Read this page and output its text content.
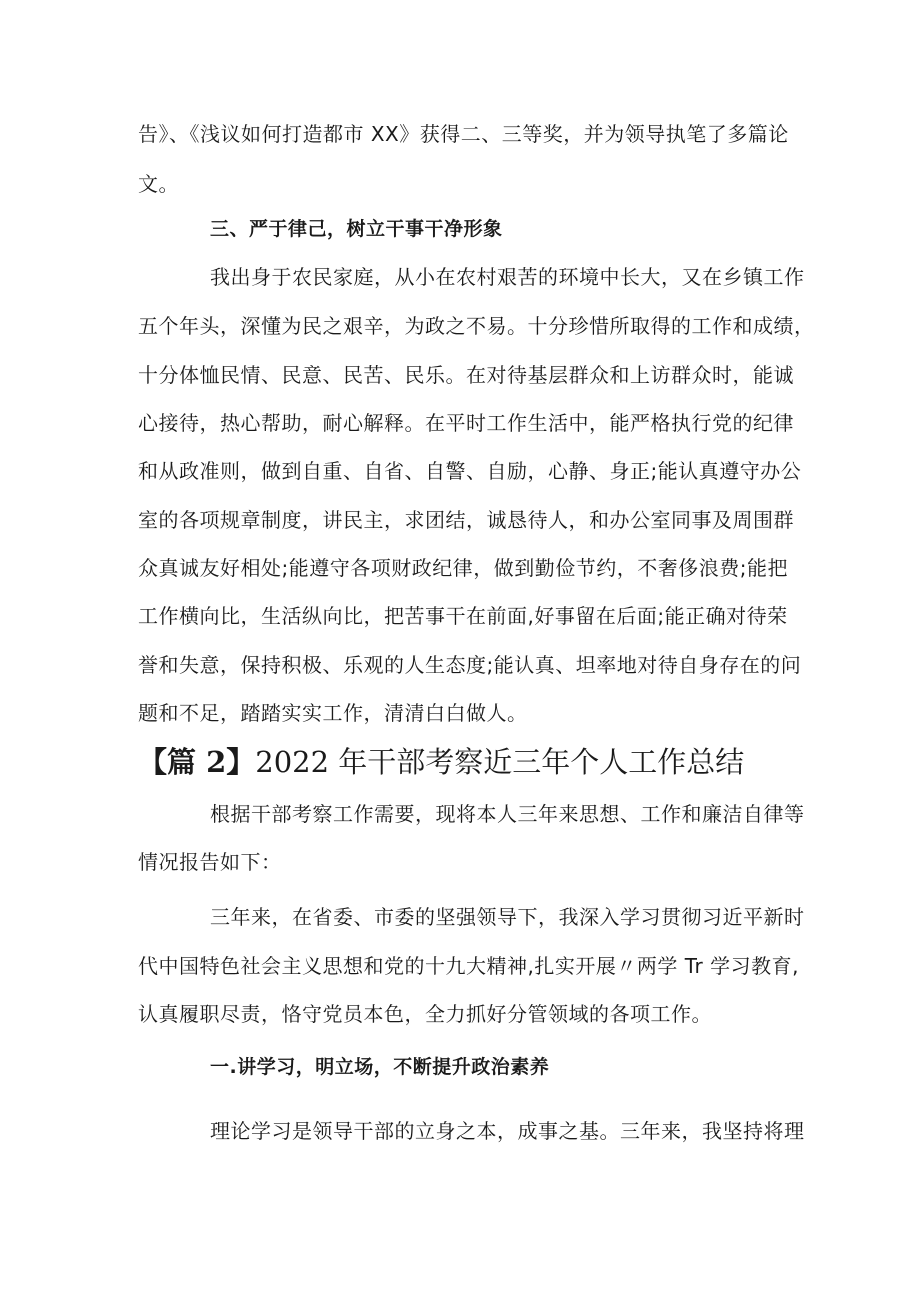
告》、《浅议如何打造都市 XX》获得二、三等奖，并为领导执笔了多篇论
文。
三、严于律己，树立干事干净形象
我出身于农民家庭，从小在农村艰苦的环境中长大，又在乡镇工作
五个年头，深懂为民之艰辛，为政之不易。十分珍惜所取得的工作和成绩，
十分体恤民情、民意、民苦、民乐。在对待基层群众和上访群众时，能诚
心接待，热心帮助，耐心解释。在平时工作生活中，能严格执行党的纪律
和从政准则，做到自重、自省、自警、自励，心静、身正;能认真遵守办公
室的各项规章制度，讲民主，求团结，诚恳待人，和办公室同事及周围群
众真诚友好相处;能遵守各项财政纪律，做到勤俭节约，不奢侈浪费;能把
工作横向比，生活纵向比，把苦事干在前面,好事留在后面;能正确对待荣
誉和失意，保持积极、乐观的人生态度;能认真、坦率地对待自身存在的问
题和不足，踏踏实实工作，清清白白做人。
【篇 2】2022 年干部考察近三年个人工作总结
根据干部考察工作需要，现将本人三年来思想、工作和廉洁自律等
情况报告如下：
三年来，在省委、市委的坚强领导下，我深入学习贯彻习近平新时
代中国特色社会主义思想和党的十九大精神,扎实开展〃两学 Tr 学习教育,
认真履职尽责，恪守党员本色，全力抓好分管领域的各项工作。
一.讲学习，明立场，不断提升政治素养
理论学习是领导干部的立身之本，成事之基。三年来，我坚持将理
